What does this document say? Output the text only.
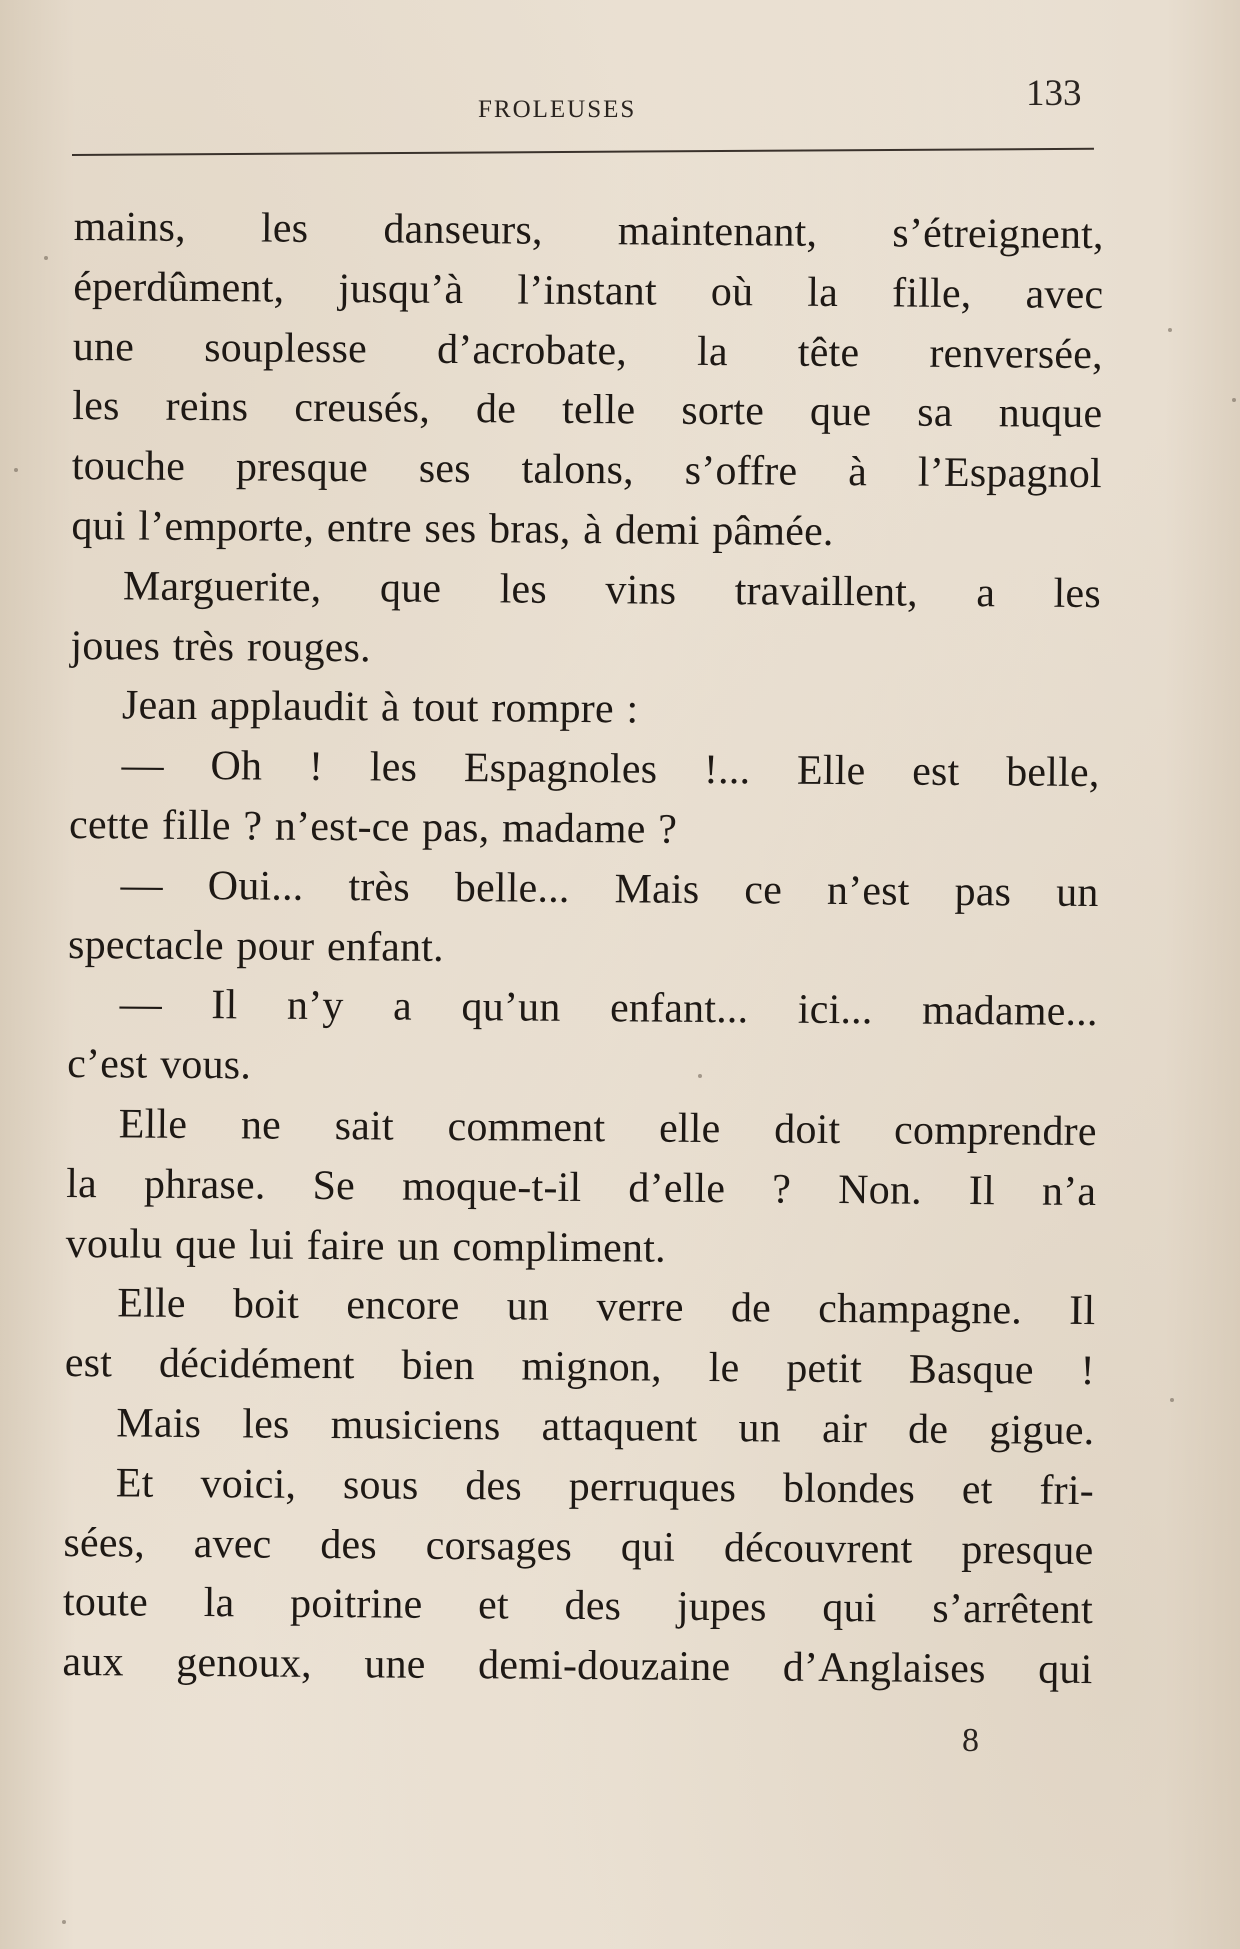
FROLEUSES	133
mains, les danseurs, maintenant, s’étreignent,
éperdûment, jusqu’à l’instant où la fille, avec
une souplesse d’acrobate, la tête renversée,
les reins creusés, de telle sorte que sa nuque
touche presque ses talons, s’offre à l’Espagnol
qui l’emporte, entre ses bras, à demi pâmée.
Marguerite, que les vins travaillent, a les
joues très rouges.
Jean applaudit à tout rompre :
— Oh ! les Espagnoles !... Elle est belle,
cette fille ? n’est-ce pas, madame ?
— Oui... très belle... Mais ce n’est pas un
spectacle pour enfant.
— Il n’y a qu’un enfant... ici... madame...
c’est vous.
Elle ne sait comment elle doit comprendre
la phrase. Se moque-t-il d’elle ? Non. Il n’a
voulu que lui faire un compliment.
Elle boit encore un verre de champagne. Il
est décidément bien mignon, le petit Basque !
Mais les musiciens attaquent un air de gigue.
Et voici, sous des perruques blondes et fri-
sées, avec des corsages qui découvrent presque
toute la poitrine et des jupes qui s’arrêtent
aux genoux, une demi-douzaine d’Anglaises qui
8
